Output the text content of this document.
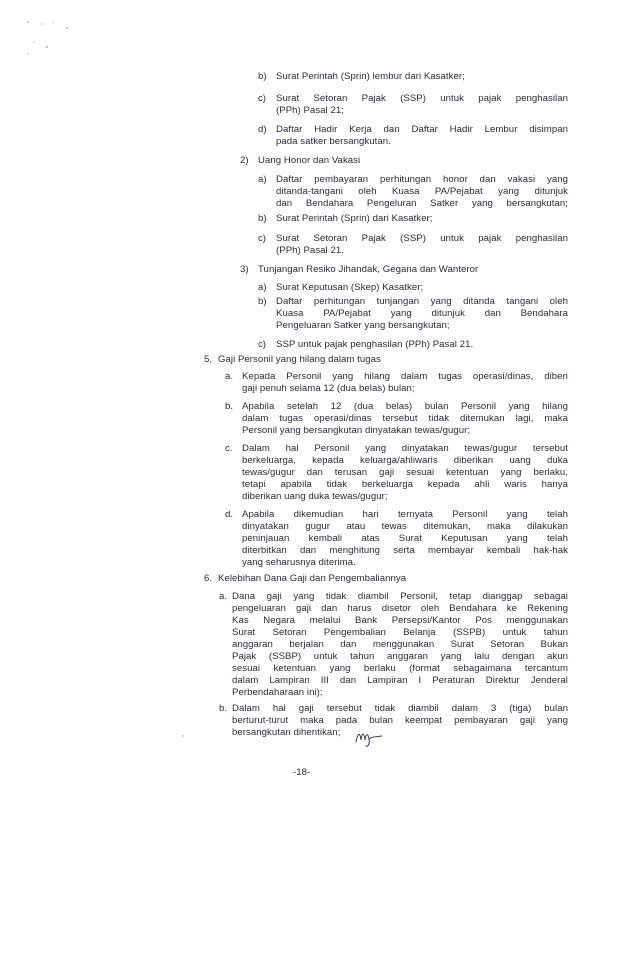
b) Surat Perintah (Sprin) lembur dari Kasatker;
c) Surat Setoran Pajak (SSP) untuk pajak penghasilan
(PPh) Pasal 21;
d) Daftar Hadir Kerja dan Daftar Hadir Lembur disimpan
pada satker bersangkutan.
2) Uang Honor dan Vakasi
a) Daftar pembayaran perhitungan honor dan vakasi yang
ditanda-tangani oleh Kuasa PA/Pejabat yang ditunjuk
dan Bendahara Pengeluran Satker yang bersangkutan;
b) Surat Perintah (Sprin) dari Kasatker;
c) Surat Setoran Pajak (SSP) untuk pajak penghasilan
(PPh) Pasal 21.
3) Tunjangan Resiko Jihandak, Gegana dan Wanteror
a) Surat Keputusan (Skep) Kasatker;
b) Daftar perhitungan tunjangan yang ditanda tangani oleh
Kuasa PA/Pejabat yang ditunjuk dan Bendahara
Pengeluaran Satker yang bersangkutan;
c) SSP untuk pajak penghasilan (PPh) Pasal 21.
5. Gaji Personil yang hilang dalam tugas
a. Kepada Personil yang hilang dalam tugas operasi/dinas, diberi
gaji penuh selama 12 (dua belas) bulan;
b. Apabila setelah 12 (dua belas) bulan Personil yang hilang
dalam tugas operasi/dinas tersebut tidak ditemukan lagi, maka
Personil yang bersangkutan dinyatakan tewas/gugur;
c. Dalam hal Personil yang dinyatakan tewas/gugur tersebut
berkeluarga, kepada keluarga/ahliwaris diberikan uang duka
tewas/gugur dan terusan gaji sesuai ketentuan yang berlaku,
tetapi apabila tidak berkeluarga kepada ahli waris hanya
diberikan uang duka tewas/gugur;
d. Apabila dikemudian hari ternyata Personil yang telah
dinyatakan gugur atau tewas ditemukan, maka dilakukan
peninjauan kembali atas Surat Keputusan yang telah
diterbitkan dan menghitung serta membayar kembali hak-hak
yang seharusnya diterima.
6. Kelebihan Dana Gaji dan Pengembaliannya
a. Dana gaji yang tidak diambil Personil, tetap dianggap sebagai
pengeluaran gaji dan harus disetor oleh Bendahara ke Rekening
Kas Negara melalui Bank Persepsi/Kantor Pos menggunakan
Surat Setoran Pengembalian Belanja (SSPB) untuk tahun
anggaran berjalan dan menggunakan Surat Setoran Bukan
Pajak (SSBP) untuk tahun anggaran yang lalu dengan akun
sesuai ketentuan yang berlaku (format sebagaimana tercantum
dalam Lampiran III dan Lampiran I Peraturan Direktur Jenderal
Perbendaharaan ini);
b. Dalam hal gaji tersebut tidak diambil dalam 3 (tiga) bulan
berturut-turut maka pada bulan keempat pembayaran gaji yang
bersangkutan dihentikan;
-18-
